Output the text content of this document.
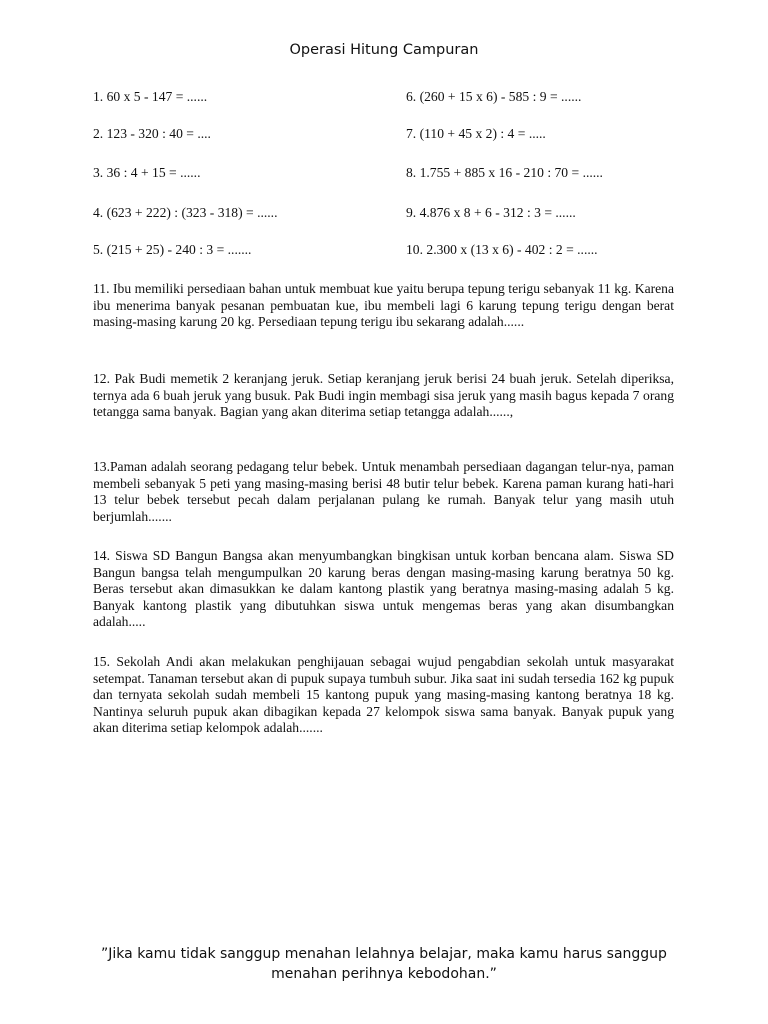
Operasi Hitung Campuran
1. 60 x 5 - 147 = ......
2. 123 - 320 : 40 = ....
3. 36 : 4 + 15 = ......
4. (623 + 222) : (323 - 318) = ......
5. (215 + 25) - 240 : 3 = .......
6. (260 + 15 x 6) - 585 : 9 = ......
7. (110 + 45 x 2) : 4 = .....
8. 1.755 + 885 x 16 - 210 : 70 = ......
9. 4.876 x 8 + 6 - 312 : 3 = ......
10. 2.300 x (13 x 6) - 402 : 2 = ......

11. Ibu memiliki persediaan bahan untuk membuat kue yaitu berupa tepung terigu sebanyak 11 kg. Karena ibu menerima banyak pesanan pembuatan kue, ibu membeli lagi 6 karung tepung terigu dengan berat masing-masing karung 20 kg. Persediaan tepung terigu ibu sekarang adalah......

12. Pak Budi memetik 2 keranjang jeruk. Setiap keranjang jeruk berisi 24 buah jeruk. Setelah diperiksa, ternya ada 6 buah jeruk yang busuk. Pak Budi ingin membagi sisa jeruk yang masih bagus kepada 7 orang tetangga sama banyak. Bagian yang akan diterima setiap tetangga adalah......,

13.Paman adalah seorang pedagang telur bebek. Untuk menambah persediaan dagangan telur-nya, paman membeli sebanyak 5 peti yang masing-masing berisi 48 butir telur bebek. Karena paman kurang hati-hari 13 telur bebek tersebut pecah dalam perjalanan pulang ke rumah. Banyak telur yang masih utuh berjumlah.......

14. Siswa SD Bangun Bangsa akan menyumbangkan bingkisan untuk korban bencana alam. Siswa SD Bangun bangsa telah mengumpulkan 20 karung beras dengan masing-masing karung beratnya 50 kg. Beras tersebut akan dimasukkan ke dalam kantong plastik yang beratnya masing-masing adalah 5 kg. Banyak kantong plastik yang dibutuhkan siswa untuk mengemas beras yang akan disumbangkan adalah.....

15. Sekolah Andi akan melakukan penghijauan sebagai wujud pengabdian sekolah untuk masyarakat setempat. Tanaman tersebut akan di pupuk supaya tumbuh subur. Jika saat ini sudah tersedia 162 kg pupuk dan ternyata sekolah sudah membeli 15 kantong pupuk yang masing-masing kantong beratnya 18 kg. Nantinya seluruh pupuk akan dibagikan kepada 27 kelompok siswa sama banyak. Banyak pupuk yang akan diterima setiap kelompok adalah.......

”Jika kamu tidak sanggup menahan lelahnya belajar, maka kamu harus sanggup
menahan perihnya kebodohan.”
